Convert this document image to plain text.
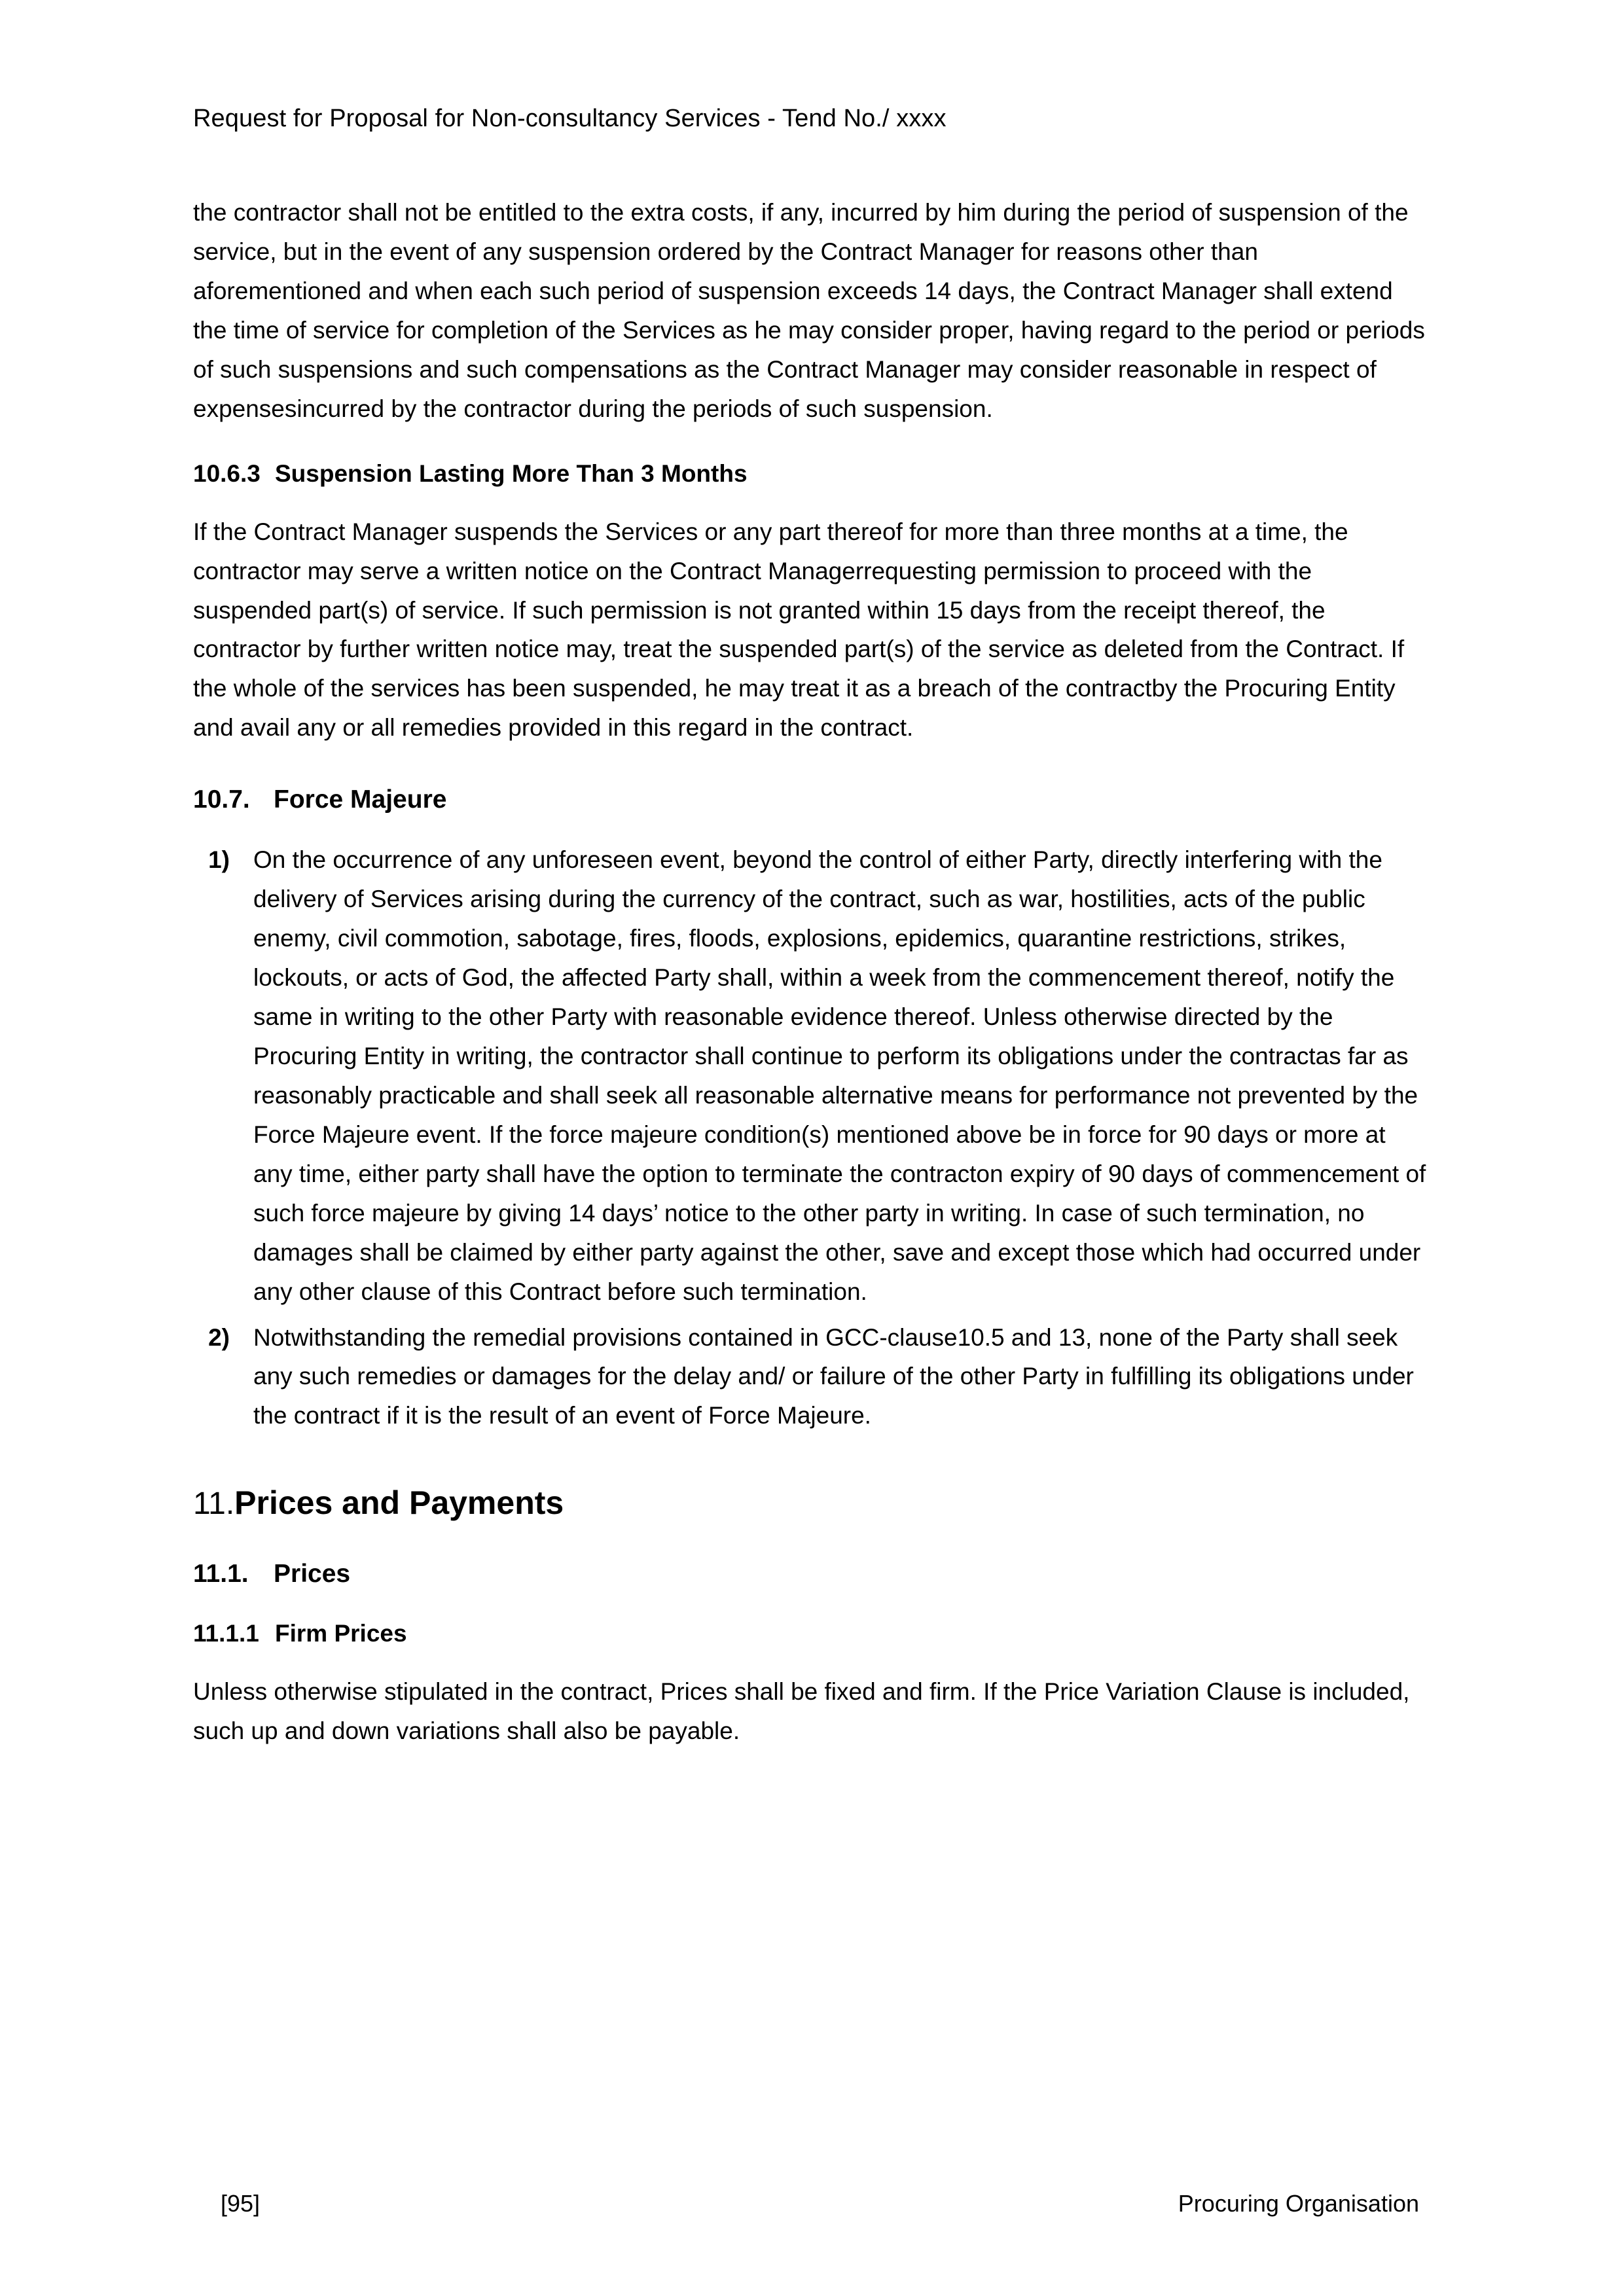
Request for Proposal for Non-consultancy Services - Tend No./ xxxx

the contractor shall not be entitled to the extra costs, if any, incurred by him during the period of suspension of the service, but in the event of any suspension ordered by the Contract Manager for reasons other than aforementioned and when each such period of suspension exceeds 14 days, the Contract Manager shall extend the time of service for completion of the Services as he may consider proper, having regard to the period or periods of such suspensions and such compensations as the Contract Manager may consider reasonable in respect of expensesincurred by the contractor during the periods of such suspension.

10.6.3 Suspension Lasting More Than 3 Months

If the Contract Manager suspends the Services or any part thereof for more than three months at a time, the contractor may serve a written notice on the Contract Managerrequesting permission to proceed with the suspended part(s) of service. If such permission is not granted within 15 days from the receipt thereof, the contractor by further written notice may, treat the suspended part(s) of the service as deleted from the Contract. If the whole of the services has been suspended, he may treat it as a breach of the contractby the Procuring Entity and avail any or all remedies provided in this regard in the contract.

10.7. Force Majeure
1) On the occurrence of any unforeseen event, beyond the control of either Party, directly interfering with the delivery of Services arising during the currency of the contract, such as war, hostilities, acts of the public enemy, civil commotion, sabotage, fires, floods, explosions, epidemics, quarantine restrictions, strikes, lockouts, or acts of God, the affected Party shall, within a week from the commencement thereof, notify the same in writing to the other Party with reasonable evidence thereof. Unless otherwise directed by the Procuring Entity in writing, the contractor shall continue to perform its obligations under the contractas far as reasonably practicable and shall seek all reasonable alternative means for performance not prevented by the Force Majeure event. If the force majeure condition(s) mentioned above be in force for 90 days or more at any time, either party shall have the option to terminate the contracton expiry of 90 days of commencement of such force majeure by giving 14 days’ notice to the other party in writing. In case of such termination, no damages shall be claimed by either party against the other, save and except those which had occurred under any other clause of this Contract before such termination.
2) Notwithstanding the remedial provisions contained in GCC-clause10.5 and 13, none of the Party shall seek any such remedies or damages for the delay and/ or failure of the other Party in fulfilling its obligations under the contract if it is the result of an event of Force Majeure.
11. Prices and Payments
11.1. Prices
11.1.1 Firm Prices

Unless otherwise stipulated in the contract, Prices shall be fixed and firm. If the Price Variation Clause is included, such up and down variations shall also be payable.

[95]	Procuring Organisation
